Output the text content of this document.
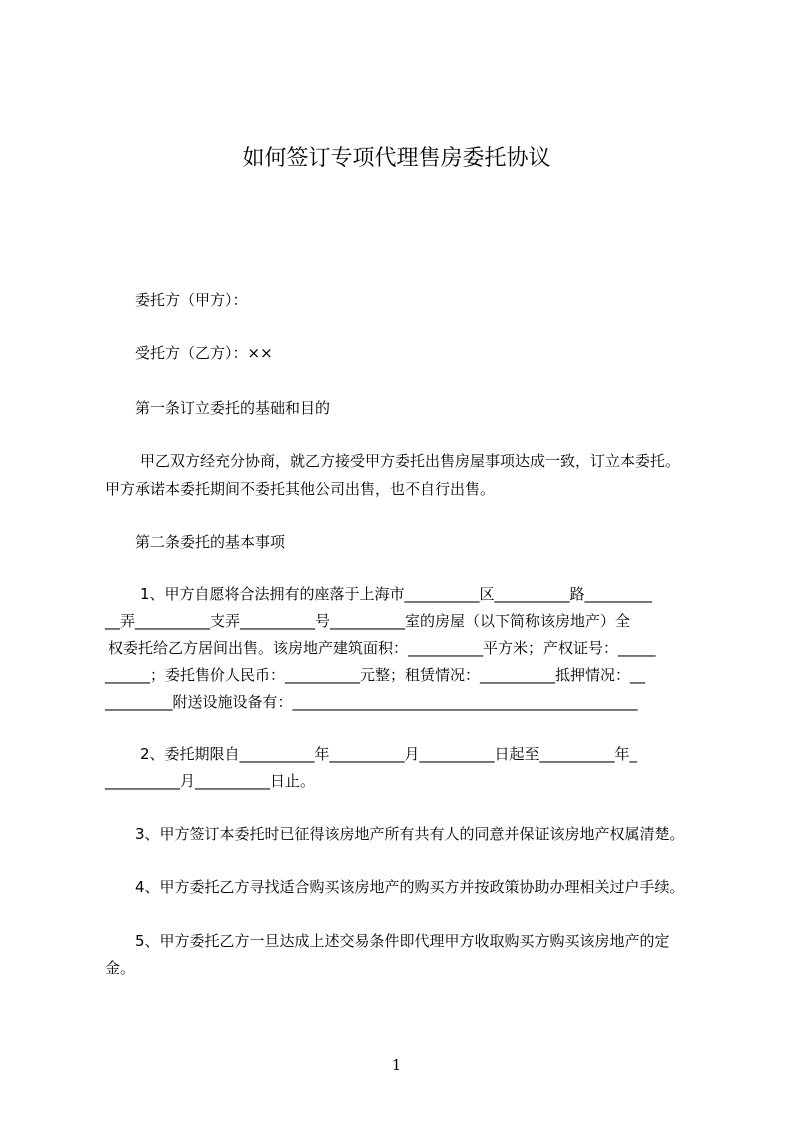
如何签订专项代理售房委托协议
委托方（甲方）：
受托方（乙方）：××
第一条订立委托的基础和目的
甲乙双方经充分协商，就乙方接受甲方委托出售房屋事项达成一致，订立本委托。
甲方承诺本委托期间不委托其他公司出售，也不自行出售。
第二条委托的基本事项
1、甲方自愿将合法拥有的座落于上海市__________区__________路_________
__弄__________支弄__________号__________室的房屋（以下简称该房地产）全
权委托给乙方居间出售。该房地产建筑面积：__________平方米；产权证号：_____
______；委托售价人民币：__________元整；租赁情况：__________抵押情况：__
_________附送设施设备有：______________________________________________
2、委托期限自__________年__________月__________日起至__________年_
__________月__________日止。
3、甲方签订本委托时已征得该房地产所有共有人的同意并保证该房地产权属清楚。
4、甲方委托乙方寻找适合购买该房地产的购买方并按政策协助办理相关过户手续。
5、甲方委托乙方一旦达成上述交易条件即代理甲方收取购买方购买该房地产的定
金。
1
